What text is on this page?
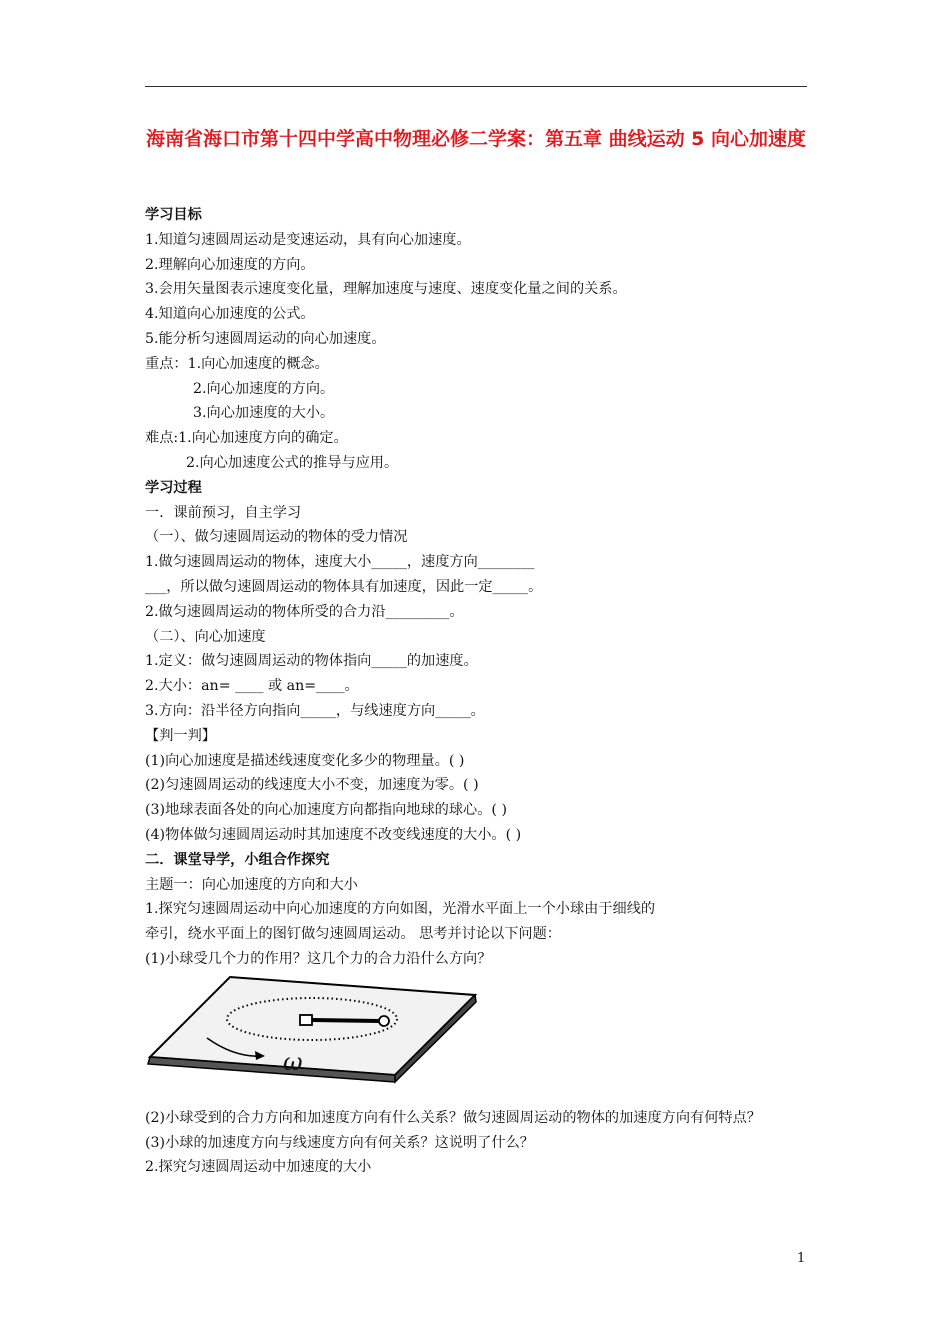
海南省海口市第十四中学高中物理必修二学案：第五章 曲线运动 5 向心加速度
学习目标
1.知道匀速圆周运动是变速运动，具有向心加速度。
2.理解向心加速度的方向。
3.会用矢量图表示速度变化量，理解加速度与速度、速度变化量之间的关系。
4.知道向心加速度的公式。
5.能分析匀速圆周运动的向心加速度。
重点：1.向心加速度的概念。
2.向心加速度的方向。
3.向心加速度的大小。
难点:1.向心加速度方向的确定。
2.向心加速度公式的推导与应用。
学习过程
一．课前预习，自主学习
（一）、做匀速圆周运动的物体的受力情况
1.做匀速圆周运动的物体，速度大小_____，速度方向________
___，所以做匀速圆周运动的物体具有加速度，因此一定_____。
2.做匀速圆周运动的物体所受的合力沿_________。
（二）、向心加速度
1.定义：做匀速圆周运动的物体指向_____的加速度。
2.大小：an= ____ 或 an=____。
3.方向：沿半径方向指向_____，与线速度方向_____。
【判一判】
(1)向心加速度是描述线速度变化多少的物理量。( )
(2)匀速圆周运动的线速度大小不变，加速度为零。( )
(3)地球表面各处的向心加速度方向都指向地球的球心。( )
(4)物体做匀速圆周运动时其加速度不改变线速度的大小。( )
二．课堂导学，小组合作探究
主题一：向心加速度的方向和大小
1.探究匀速圆周运动中向心加速度的方向如图，光滑水平面上一个小球由于细线的
牵引，绕水平面上的图钉做匀速圆周运动。 思考并讨论以下问题：
(1)小球受几个力的作用？这几个力的合力沿什么方向？
ω
(2)小球受到的合力方向和加速度方向有什么关系？做匀速圆周运动的物体的加速度方向有何特点？
(3)小球的加速度方向与线速度方向有何关系？这说明了什么？
2.探究匀速圆周运动中加速度的大小
1
